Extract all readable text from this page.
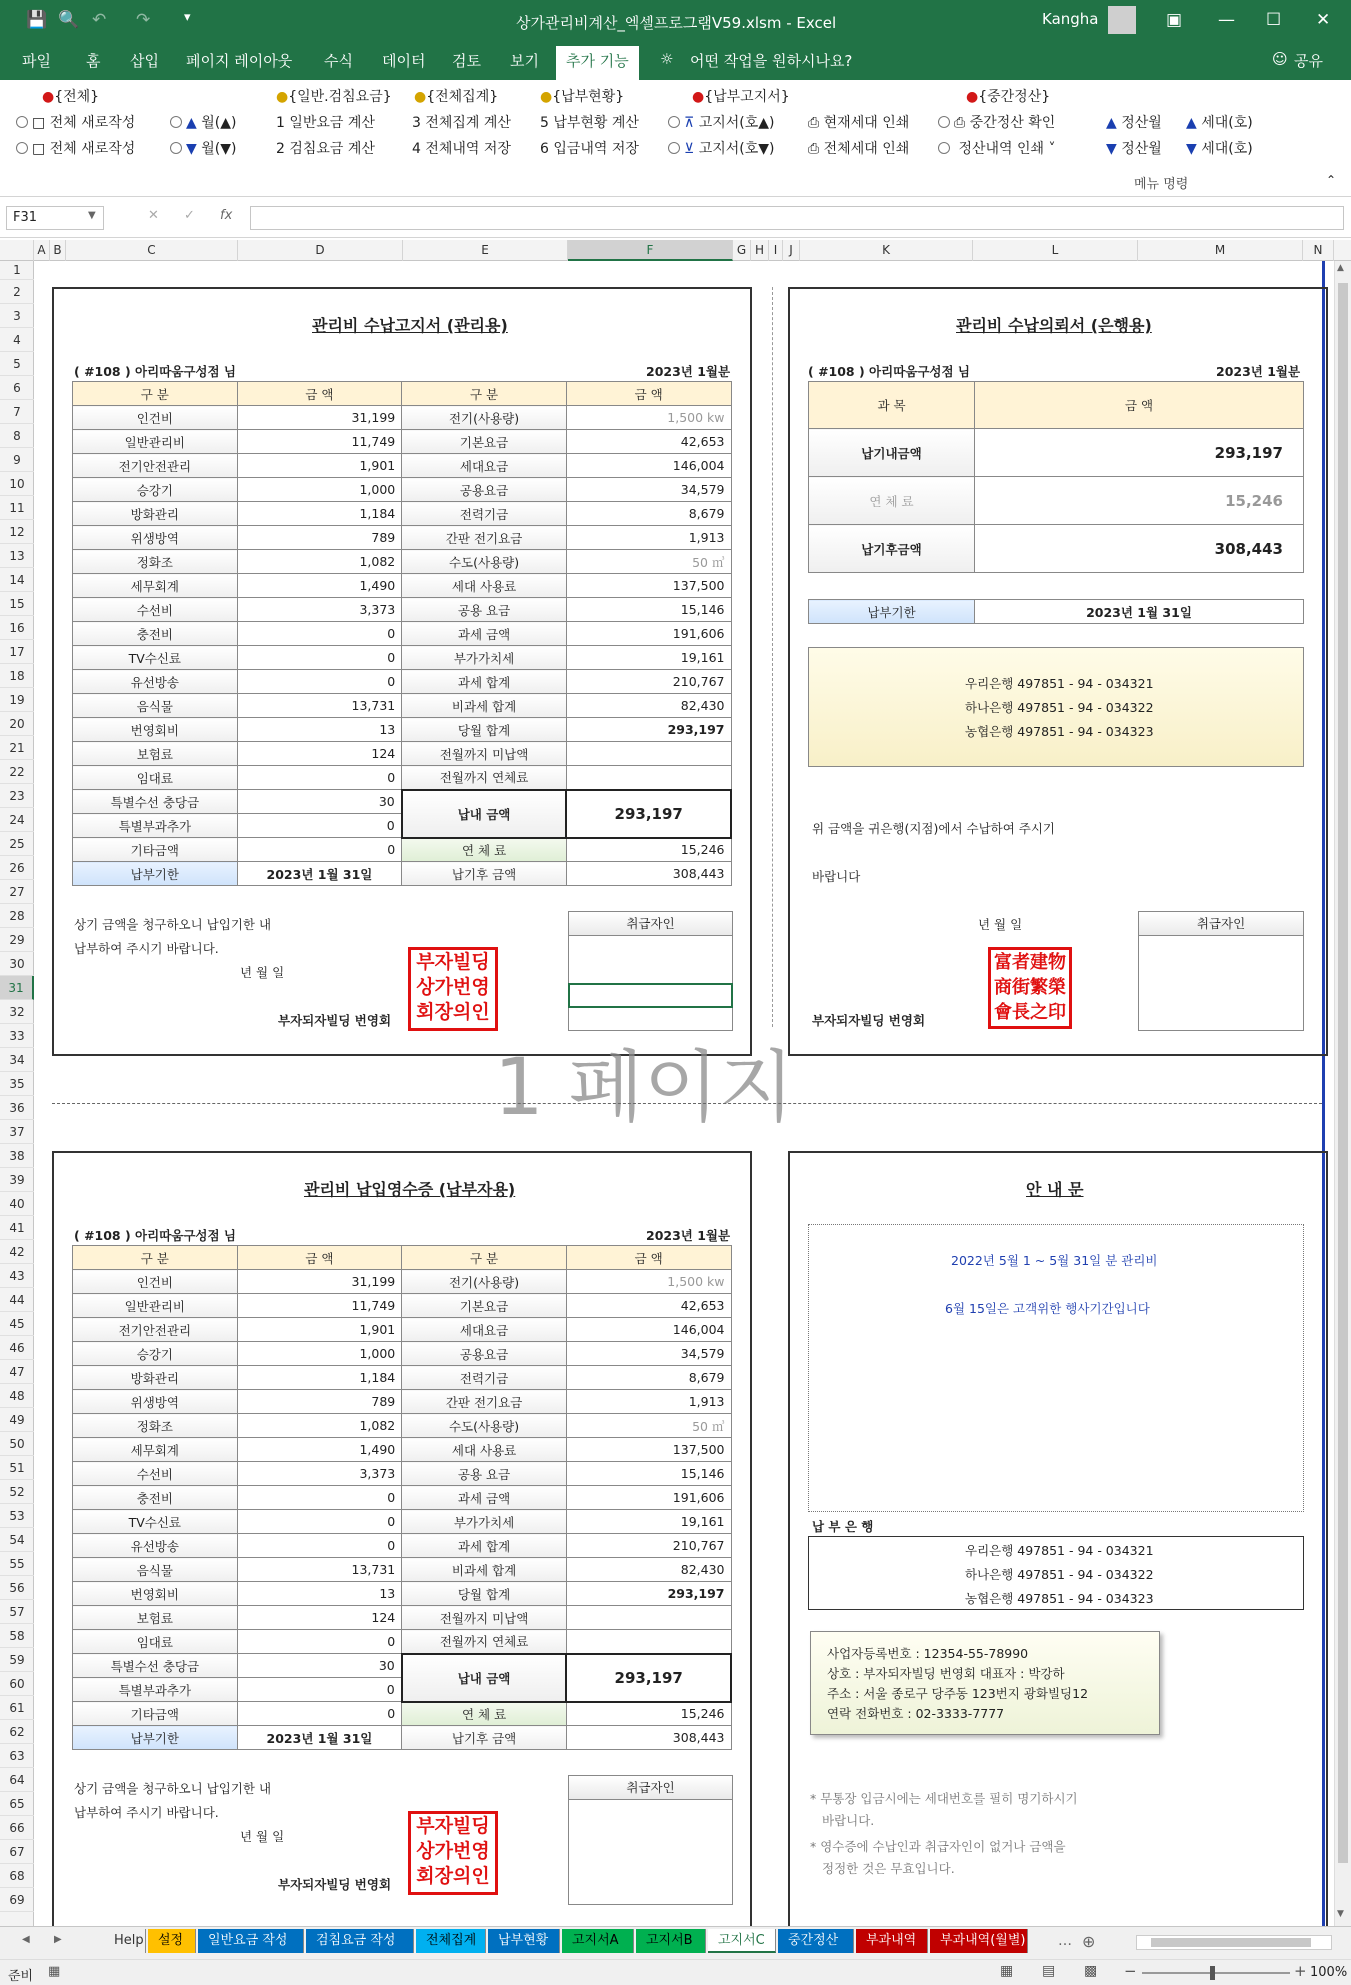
💾 🔍 ↶ ↷	▾	상가관리비계산_엑셀프로그램V59.xlsm - Excel	Kangha	▣ — ☐ ✕
파일 홈 삽입 페이지 레이아웃 수식 데이터 검토 보기	추가 기능	☼ 어떤 작업을 원하시나요?	☺ 공유
●{전체}	●{일반.검침요금} ●{전체집계}	●{납부현황}	●{납부고지서}	●{중간정산}
□ 전체 새로작성	▲ 월(▲)	1 일반요금 계산	3 전체집계 계산 5 납부현황 계산	⊼ 고지서(호▲) ⎙ 현재세대 인쇄	⎙ 중간정산 확인	▲ 정산월 ▲ 세대(호)
□ 전체 새로작성	▼ 월(▼)	2 검침요금 계산	4 전체내역 저장 6 입금내역 저장	⊻ 고지서(호▼) ⎙ 전체세대 인쇄	정산내역 인쇄 ˅	▼ 정산월 ▼ 세대(호)
메뉴 명령	⌃
F31	▼	✕ ✓ fx
A B	C	D	E	F	G H I J	K	L	M	N
1
2
3
4
5
6
7
8
9
10
11
12
13
14
15
16
17
18
19
20
21
22
23
24
25
26
27
28
29
30
31
32
33
34
35
36
37
38
39
40
41
42
43
44
45
46
47
48
49
50
51
52
53
54
55
56
57
58
59
60
61
62
63
64
65
66
67
68
69
관리비 수납고지서 (관리용)
( #108 ) 아리따움구성점 님	2023년 1월분
구 분	금 액	구 분	금 액
인건비	31,199	전기(사용량)	1,500 kw
일반관리비	11,749	기본요금	42,653
전기안전관리	1,901	세대요금	146,004
승강기	1,000	공용요금	34,579
방화관리	1,184	전력기금	8,679
위생방역	789	간판 전기요금	1,913
정화조	1,082	수도(사용량)	50 ㎥
세무회계	1,490	세대 사용료	137,500
수선비	3,373	공용 요금	15,146
충전비	0	과세 금액	191,606
TV수신료	0	부가가치세	19,161
유선방송	0	과세 합계	210,767
음식물	13,731	비과세 합계	82,430
번영회비	13	당월 합계	293,197
보험료	124	전월까지 미납액	
임대료	0	전월까지 연체료	
특별수선 충당금	30	납내 금액	293,197
특별부과추가	0		
기타금액	0	연 체 료	15,246
납부기한	2023년 1월 31일	납기후 금액	308,443
상기 금액을 청구하오니 납입기한 내
납부하여 주시기 바랍니다.
년 월 일
부자되자빌딩 번영회
부자빌딩
상가번영
회장의인
취급자인
관리비 수납의뢰서 (은행용)
( #108 ) 아리따움구성점 님	2023년 1월분
과 목	금 액
납기내금액	293,197
연 체 료	15,246
납기후금액	308,443
납부기한	2023년 1월 31일
우리은행 497851 - 94 - 034321
하나은행 497851 - 94 - 034322
농협은행 497851 - 94 - 034323
위 금액을 귀은행(지점)에서 수납하여 주시기
바랍니다
년 월 일	취급자인
부자되자빌딩 번영회
富者建物
商街繁榮
會長之印
1 페이지
관리비 납입영수증 (납부자용)
( #108 ) 아리따움구성점 님	2023년 1월분
구 분	금 액	구 분	금 액
인건비	31,199	전기(사용량)	1,500 kw
일반관리비	11,749	기본요금	42,653
전기안전관리	1,901	세대요금	146,004
승강기	1,000	공용요금	34,579
방화관리	1,184	전력기금	8,679
위생방역	789	간판 전기요금	1,913
정화조	1,082	수도(사용량)	50 ㎥
세무회계	1,490	세대 사용료	137,500
수선비	3,373	공용 요금	15,146
충전비	0	과세 금액	191,606
TV수신료	0	부가가치세	19,161
유선방송	0	과세 합계	210,767
음식물	13,731	비과세 합계	82,430
번영회비	13	당월 합계	293,197
보험료	124	전월까지 미납액	
임대료	0	전월까지 연체료	
특별수선 충당금	30	납내 금액	293,197
특별부과추가	0		
기타금액	0	연 체 료	15,246
납부기한	2023년 1월 31일	납기후 금액	308,443
상기 금액을 청구하오니 납입기한 내
납부하여 주시기 바랍니다.
년 월 일
부자되자빌딩 번영회
부자빌딩
상가번영
회장의인
취급자인
안 내 문
2022년 5월 1 ~ 5월 31일 분 관리비
6월 15일은 고객위한 행사기간입니다
납 부 은 행
우리은행 497851 - 94 - 034321
하나은행 497851 - 94 - 034322
농협은행 497851 - 94 - 034323
사업자등록번호 : 12354-55-78990
상호 : 부자되자빌딩 번영회 대표자 : 박강하
주소 : 서울 종로구 당주동 123번지 광화빌딩12
연락 전화번호 : 02-3333-7777
* 무통장 입금시에는 세대번호를 필히 명기하시기
바랍니다.
* 영수증에 수납인과 취급자인이 없거나 금액을
정정한 것은 무효입니다.
▲
▼
◀ ▶	Help	설정	일반요금 작성	검침요금 작성	전체집계	납부현황	고지서A	고지서B	고지서C	중간정산	부과내역	부과내역(월별) … ⊕
준비 ▦	▦ ▤ ▩ −	+ 100%
